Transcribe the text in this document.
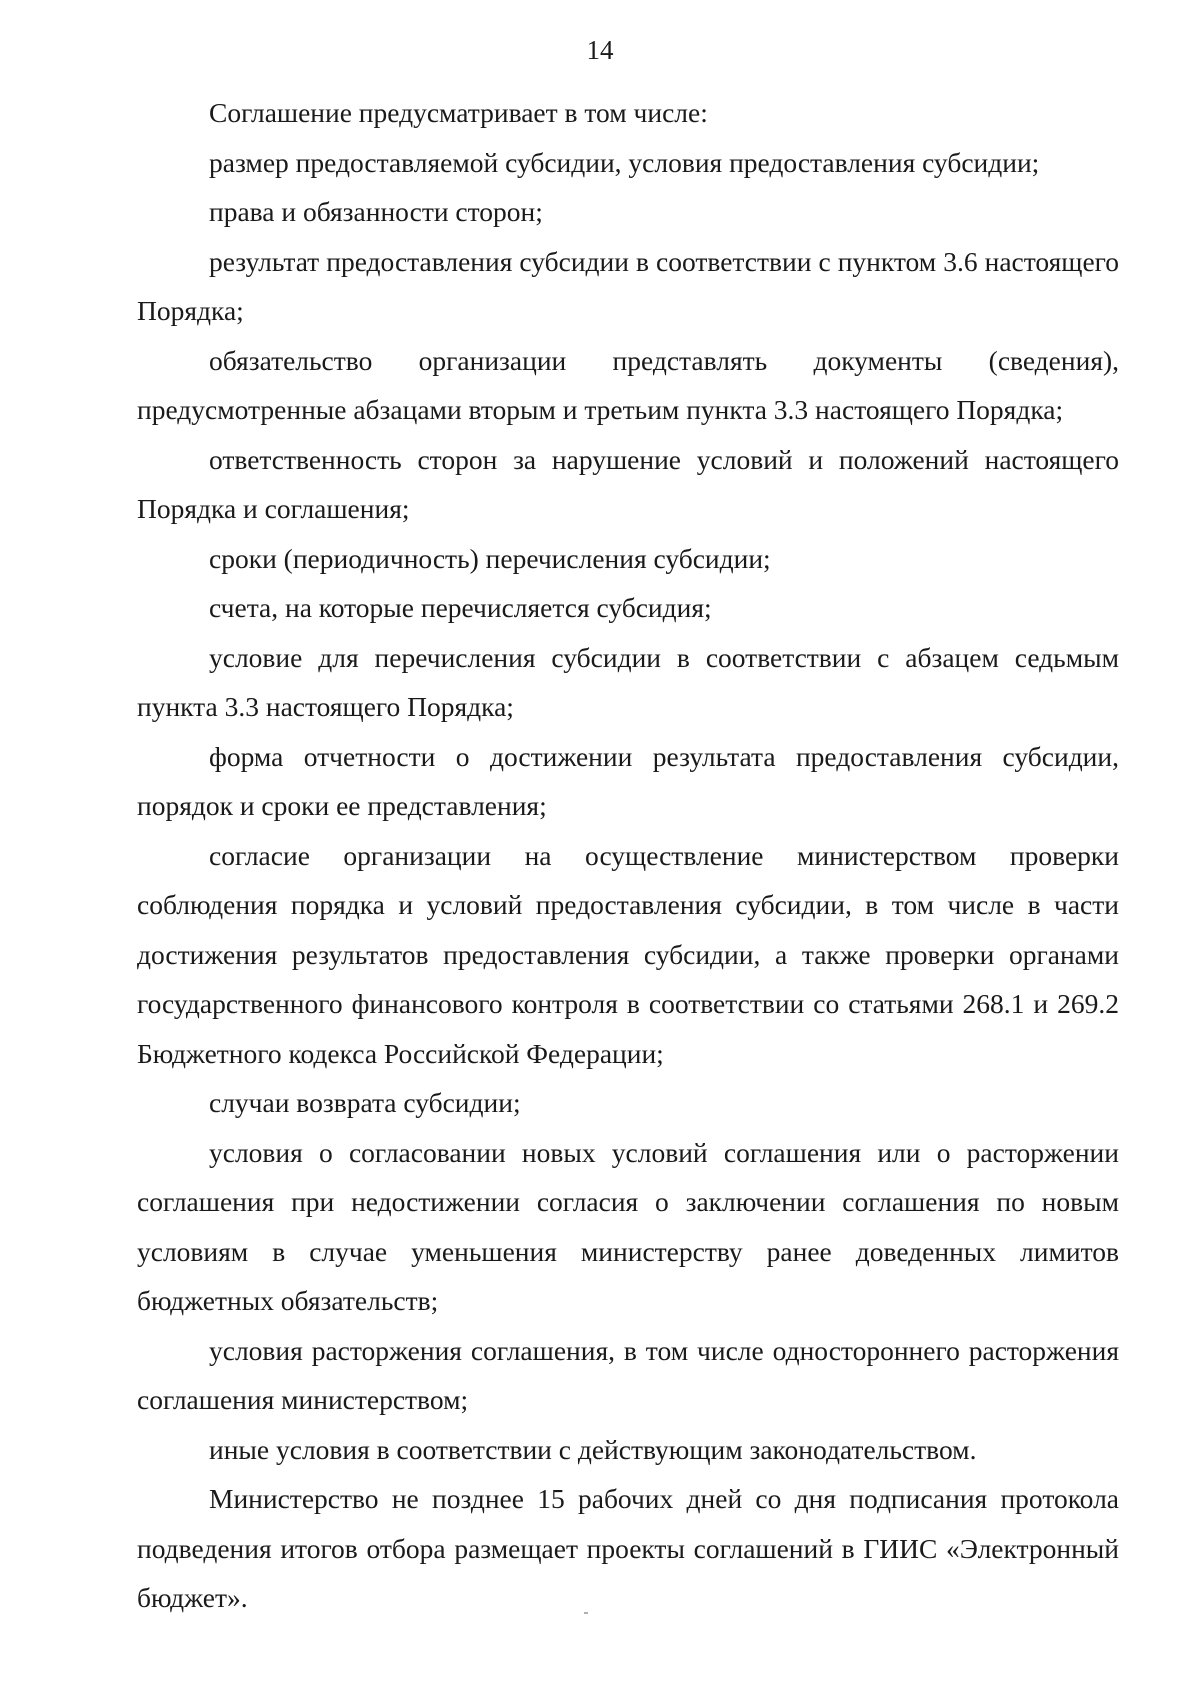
14

Соглашение предусматривает в том числе:

размер предоставляемой субсидии, условия предоставления субсидии;

права и обязанности сторон;

результат предоставления субсидии в соответствии с пунктом 3.6 настоящего Порядка;

обязательство организации представлять документы (сведения), предусмотренные абзацами вторым и третьим пункта 3.3 настоящего Порядка;

ответственность сторон за нарушение условий и положений настоящего Порядка и соглашения;

сроки (периодичность) перечисления субсидии;

счета, на которые перечисляется субсидия;

условие для перечисления субсидии в соответствии с абзацем седьмым пункта 3.3 настоящего Порядка;

форма отчетности о достижении результата предоставления субсидии, порядок и сроки ее представления;

согласие организации на осуществление министерством проверки соблюдения порядка и условий предоставления субсидии, в том числе в части достижения результатов предоставления субсидии, а также проверки органами государственного финансового контроля в соответствии со статьями 268.1 и 269.2 Бюджетного кодекса Российской Федерации;

случаи возврата субсидии;

условия о согласовании новых условий соглашения или о расторжении соглашения при недостижении согласия о заключении соглашения по новым условиям в случае уменьшения министерству ранее доведенных лимитов бюджетных обязательств;

условия расторжения соглашения, в том числе одностороннего расторжения соглашения министерством;

иные условия в соответствии с действующим законодательством.

Министерство не позднее 15 рабочих дней со дня подписания протокола подведения итогов отбора размещает проекты соглашений в ГИИС «Электронный бюджет».
